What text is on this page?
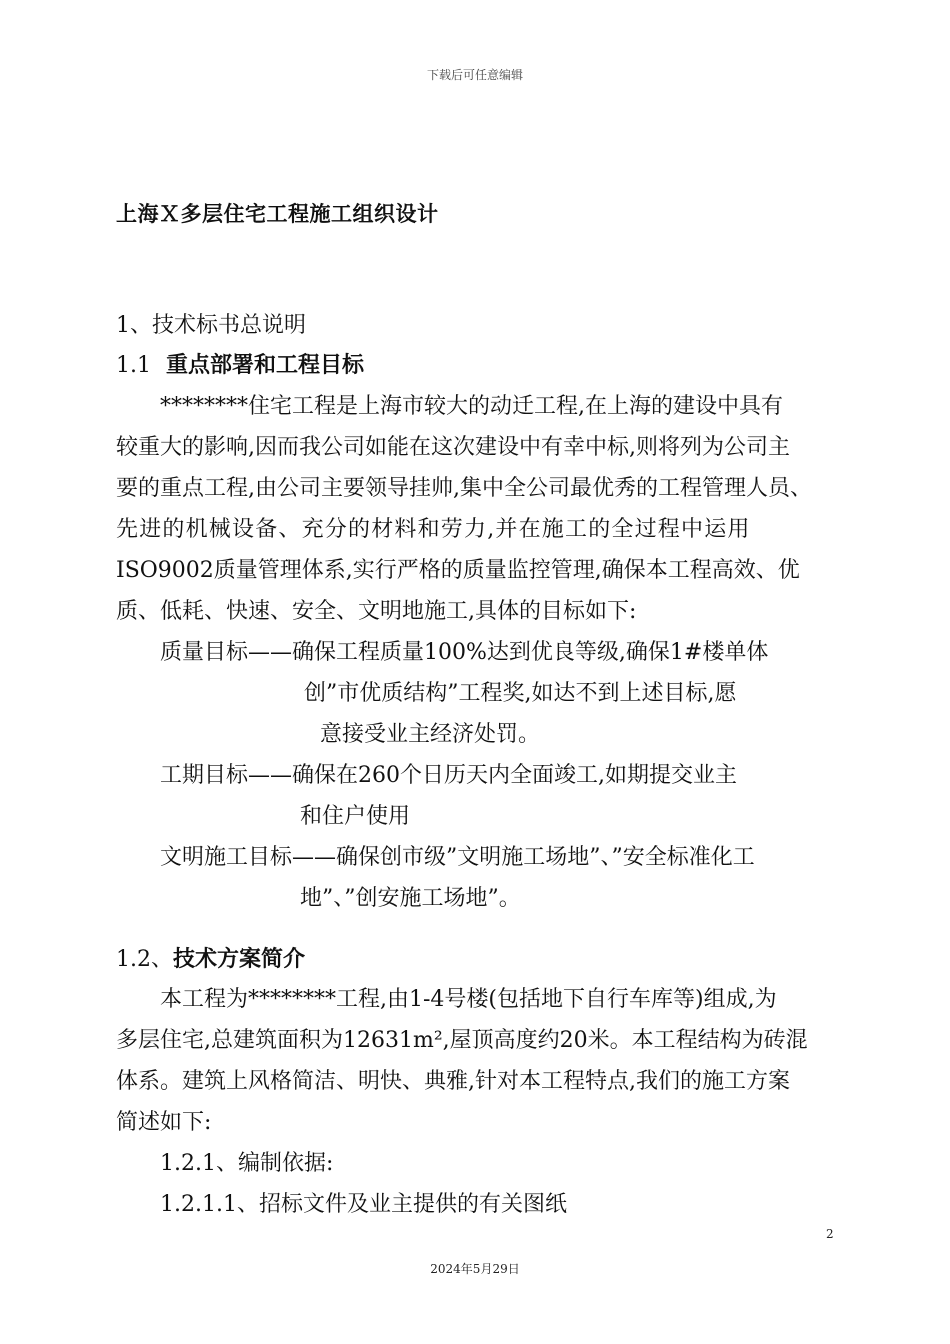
下载后可任意编辑
上海Ｘ多层住宅工程施工组织设计
1、技术标书总说明
1.1 重点部署和工程目标
********住宅工程是上海市较大的动迁工程,在上海的建设中具有
较重大的影响,因而我公司如能在这次建设中有幸中标,则将列为公司主
要的重点工程,由公司主要领导挂帅,集中全公司最优秀的工程管理人员、
先进的机械设备、充分的材料和劳力,并在施工的全过程中运用
ISO9002质量管理体系,实行严格的质量监控管理,确保本工程高效、优
质、低耗、快速、安全、文明地施工,具体的目标如下:
质量目标——确保工程质量100%达到优良等级,确保1#楼单体
创”市优质结构”工程奖,如达不到上述目标,愿
意接受业主经济处罚。
工期目标——确保在260个日历天内全面竣工,如期提交业主
和住户使用
文明施工目标——确保创市级”文明施工场地”、”安全标准化工
地”、”创安施工场地”。
1.2、技术方案简介
本工程为********工程,由1-4号楼(包括地下自行车库等)组成,为
多层住宅,总建筑面积为12631m²,屋顶高度约20米。本工程结构为砖混
体系。建筑上风格简洁、明快、典雅,针对本工程特点,我们的施工方案
简述如下:
1.2.1、编制依据:
1.2.1.1、招标文件及业主提供的有关图纸
2
2024年5月29日
